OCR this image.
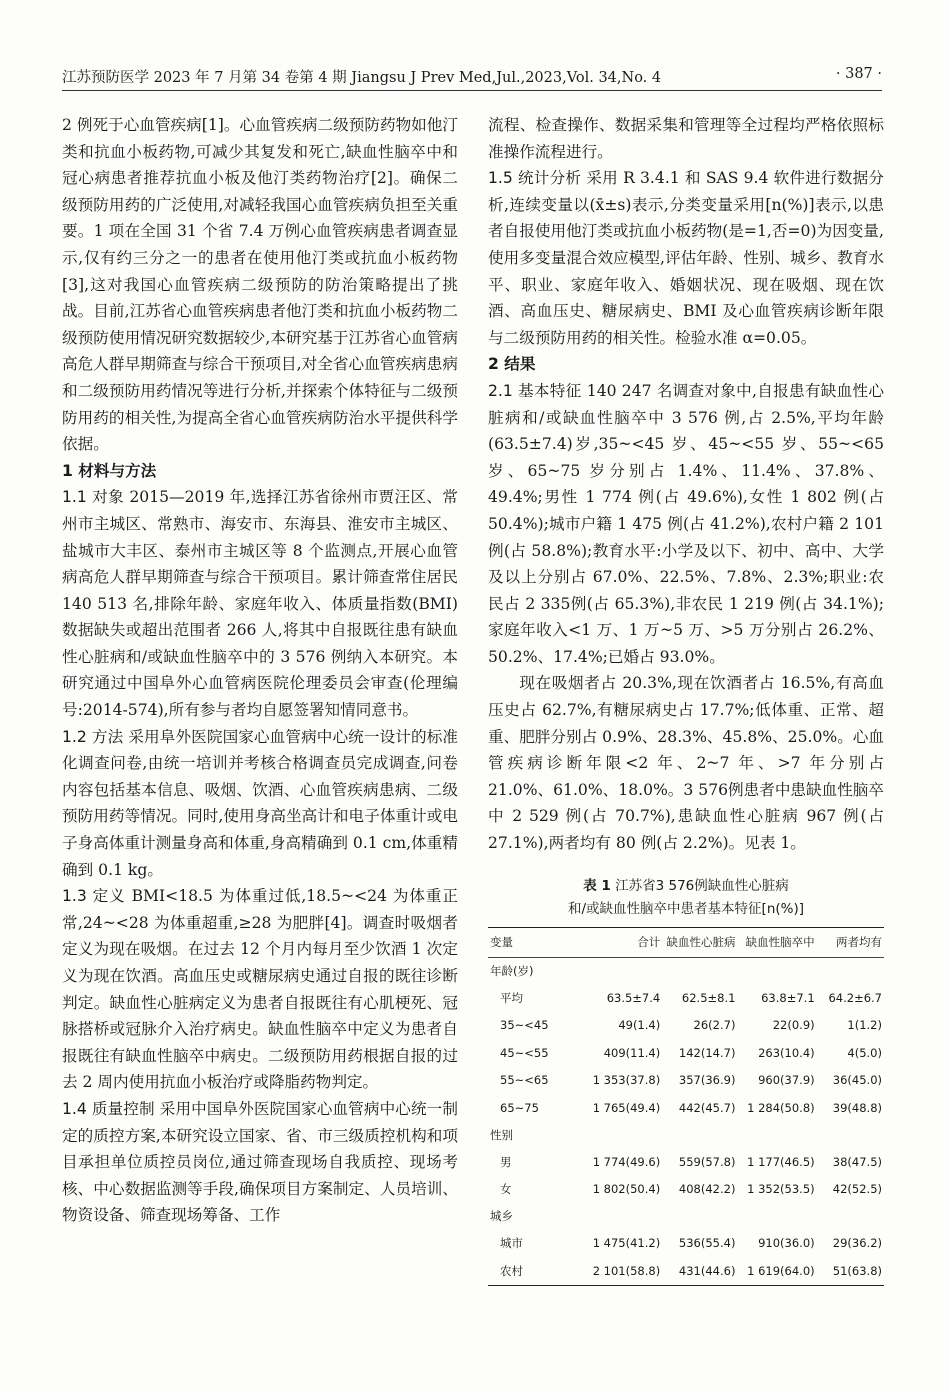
江苏预防医学 2023 年 7 月第 34 卷第 4 期 Jiangsu J Prev Med,Jul.,2023,Vol. 34,No. 4	· 387 ·

2 例死于心血管疾病[1]。心血管疾病二级预防药物如他汀类和抗血小板药物,可减少其复发和死亡,缺血性脑卒中和冠心病患者推荐抗血小板及他汀类药物治疗[2]。确保二级预防用药的广泛使用,对减轻我国心血管疾病负担至关重要。1 项在全国 31 个省 7.4 万例心血管疾病患者调查显示,仅有约三分之一的患者在使用他汀类或抗血小板药物[3],这对我国心血管疾病二级预防的防治策略提出了挑战。目前,江苏省心血管疾病患者他汀类和抗血小板药物二级预防使用情况研究数据较少,本研究基于江苏省心血管病高危人群早期筛查与综合干预项目,对全省心血管疾病患病和二级预防用药情况等进行分析,并探索个体特征与二级预防用药的相关性,为提高全省心血管疾病防治水平提供科学依据。

1 材料与方法

1.1 对象 2015—2019 年,选择江苏省徐州市贾汪区、常州市主城区、常熟市、海安市、东海县、淮安市主城区、盐城市大丰区、泰州市主城区等 8 个监测点,开展心血管病高危人群早期筛查与综合干预项目。累计筛查常住居民 140 513 名,排除年龄、家庭年收入、体质量指数(BMI)数据缺失或超出范围者 266 人,将其中自报既往患有缺血性心脏病和/或缺血性脑卒中的 3 576 例纳入本研究。本研究通过中国阜外心血管病医院伦理委员会审查(伦理编号:2014-574),所有参与者均自愿签署知情同意书。

1.2 方法 采用阜外医院国家心血管病中心统一设计的标准化调查问卷,由统一培训并考核合格调查员完成调查,问卷内容包括基本信息、吸烟、饮酒、心血管疾病患病、二级预防用药等情况。同时,使用身高坐高计和电子体重计或电子身高体重计测量身高和体重,身高精确到 0.1 cm,体重精确到 0.1 kg。

1.3 定义 BMI<18.5 为体重过低,18.5~<24 为体重正常,24~<28 为体重超重,≥28 为肥胖[4]。调查时吸烟者定义为现在吸烟。在过去 12 个月内每月至少饮酒 1 次定义为现在饮酒。高血压史或糖尿病史通过自报的既往诊断判定。缺血性心脏病定义为患者自报既往有心肌梗死、冠脉搭桥或冠脉介入治疗病史。缺血性脑卒中定义为患者自报既往有缺血性脑卒中病史。二级预防用药根据自报的过去 2 周内使用抗血小板治疗或降脂药物判定。

1.4 质量控制 采用中国阜外医院国家心血管病中心统一制定的质控方案,本研究设立国家、省、市三级质控机构和项目承担单位质控员岗位,通过筛查现场自我质控、现场考核、中心数据监测等手段,确保项目方案制定、人员培训、物资设备、筛查现场筹备、工作

流程、检查操作、数据采集和管理等全过程均严格依照标准操作流程进行。

1.5 统计分析 采用 R 3.4.1 和 SAS 9.4 软件进行数据分析,连续变量以(x̄±s)表示,分类变量采用[n(%)]表示,以患者自报使用他汀类或抗血小板药物(是=1,否=0)为因变量,使用多变量混合效应模型,评估年龄、性别、城乡、教育水平、职业、家庭年收入、婚姻状况、现在吸烟、现在饮酒、高血压史、糖尿病史、BMI 及心血管疾病诊断年限与二级预防用药的相关性。检验水准 α=0.05。

2 结果

2.1 基本特征 140 247 名调查对象中,自报患有缺血性心脏病和/或缺血性脑卒中 3 576 例,占 2.5%,平均年龄(63.5±7.4)岁,35~<45 岁、45~<55 岁、55~<65 岁、65~75 岁分别占 1.4%、11.4%、37.8%、49.4%;男性 1 774 例(占 49.6%),女性 1 802 例(占 50.4%);城市户籍 1 475 例(占 41.2%),农村户籍 2 101 例(占 58.8%);教育水平:小学及以下、初中、高中、大学及以上分别占 67.0%、22.5%、7.8%、2.3%;职业:农民占 2 335例(占 65.3%),非农民 1 219 例(占 34.1%);家庭年收入<1 万、1 万~5 万、>5 万分别占 26.2%、50.2%、17.4%;已婚占 93.0%。

现在吸烟者占 20.3%,现在饮酒者占 16.5%,有高血压史占 62.7%,有糖尿病史占 17.7%;低体重、正常、超重、肥胖分别占 0.9%、28.3%、45.8%、25.0%。心血管疾病诊断年限<2 年、2~7 年、>7 年分别占 21.0%、61.0%、18.0%。3 576例患者中患缺血性脑卒中 2 529 例(占 70.7%),患缺血性心脏病 967 例(占 27.1%),两者均有 80 例(占 2.2%)。见表 1。

表 1 江苏省3 576例缺血性心脏病
和/或缺血性脑卒中患者基本特征[n(%)]
变量	合计	缺血性心脏病	缺血性脑卒中	两者均有
年龄(岁)				
平均	63.5±7.4	62.5±8.1	63.8±7.1	64.2±6.7
35~<45	49(1.4)	26(2.7)	22(0.9)	1(1.2)
45~<55	409(11.4)	142(14.7)	263(10.4)	4(5.0)
55~<65	1 353(37.8)	357(36.9)	960(37.9)	36(45.0)
65~75	1 765(49.4)	442(45.7)	1 284(50.8)	39(48.8)
性别				
男	1 774(49.6)	559(57.8)	1 177(46.5)	38(47.5)
女	1 802(50.4)	408(42.2)	1 352(53.5)	42(52.5)
城乡				
城市	1 475(41.2)	536(55.4)	910(36.0)	29(36.2)
农村	2 101(58.8)	431(44.6)	1 619(64.0)	51(63.8)
